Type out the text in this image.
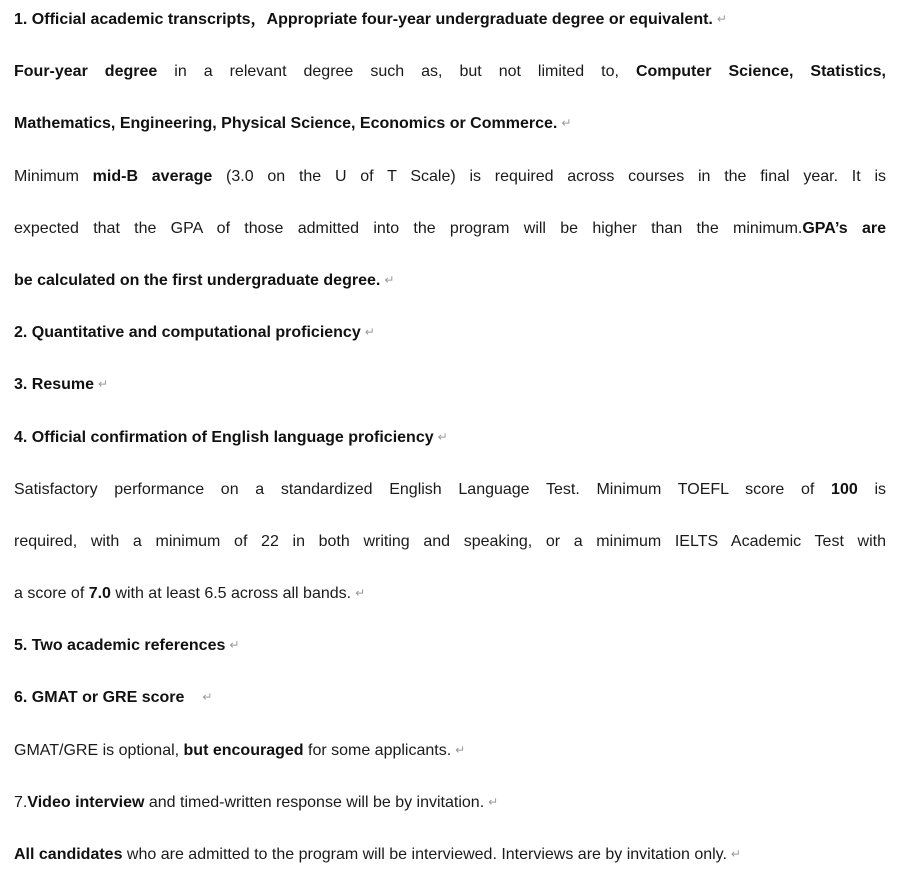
1. Official academic transcripts，Appropriate four-year undergraduate degree or equivalent. ↵
Four-year degree in a relevant degree such as, but not limited to, Computer Science, Statistics,
Mathematics, Engineering, Physical Science, Economics or Commerce. ↵
Minimum mid-B average (3.0 on the U of T Scale) is required across courses in the final year. It is
expected that the GPA of those admitted into the program will be higher than the minimum.GPA’s are
be calculated on the first undergraduate degree. ↵
2. Quantitative and computational proficiency ↵
3. Resume ↵
4. Official confirmation of English language proficiency ↵
Satisfactory performance on a standardized English Language Test. Minimum TOEFL score of 100 is
required, with a minimum of 22 in both writing and speaking, or a minimum IELTS Academic Test with
a score of 7.0 with at least 6.5 across all bands. ↵
5. Two academic references ↵
6. GMAT or GRE score ↵
GMAT/GRE is optional, but encouraged for some applicants. ↵
7.Video interview and timed-written response will be by invitation. ↵
All candidates who are admitted to the program will be interviewed. Interviews are by invitation only. ↵
